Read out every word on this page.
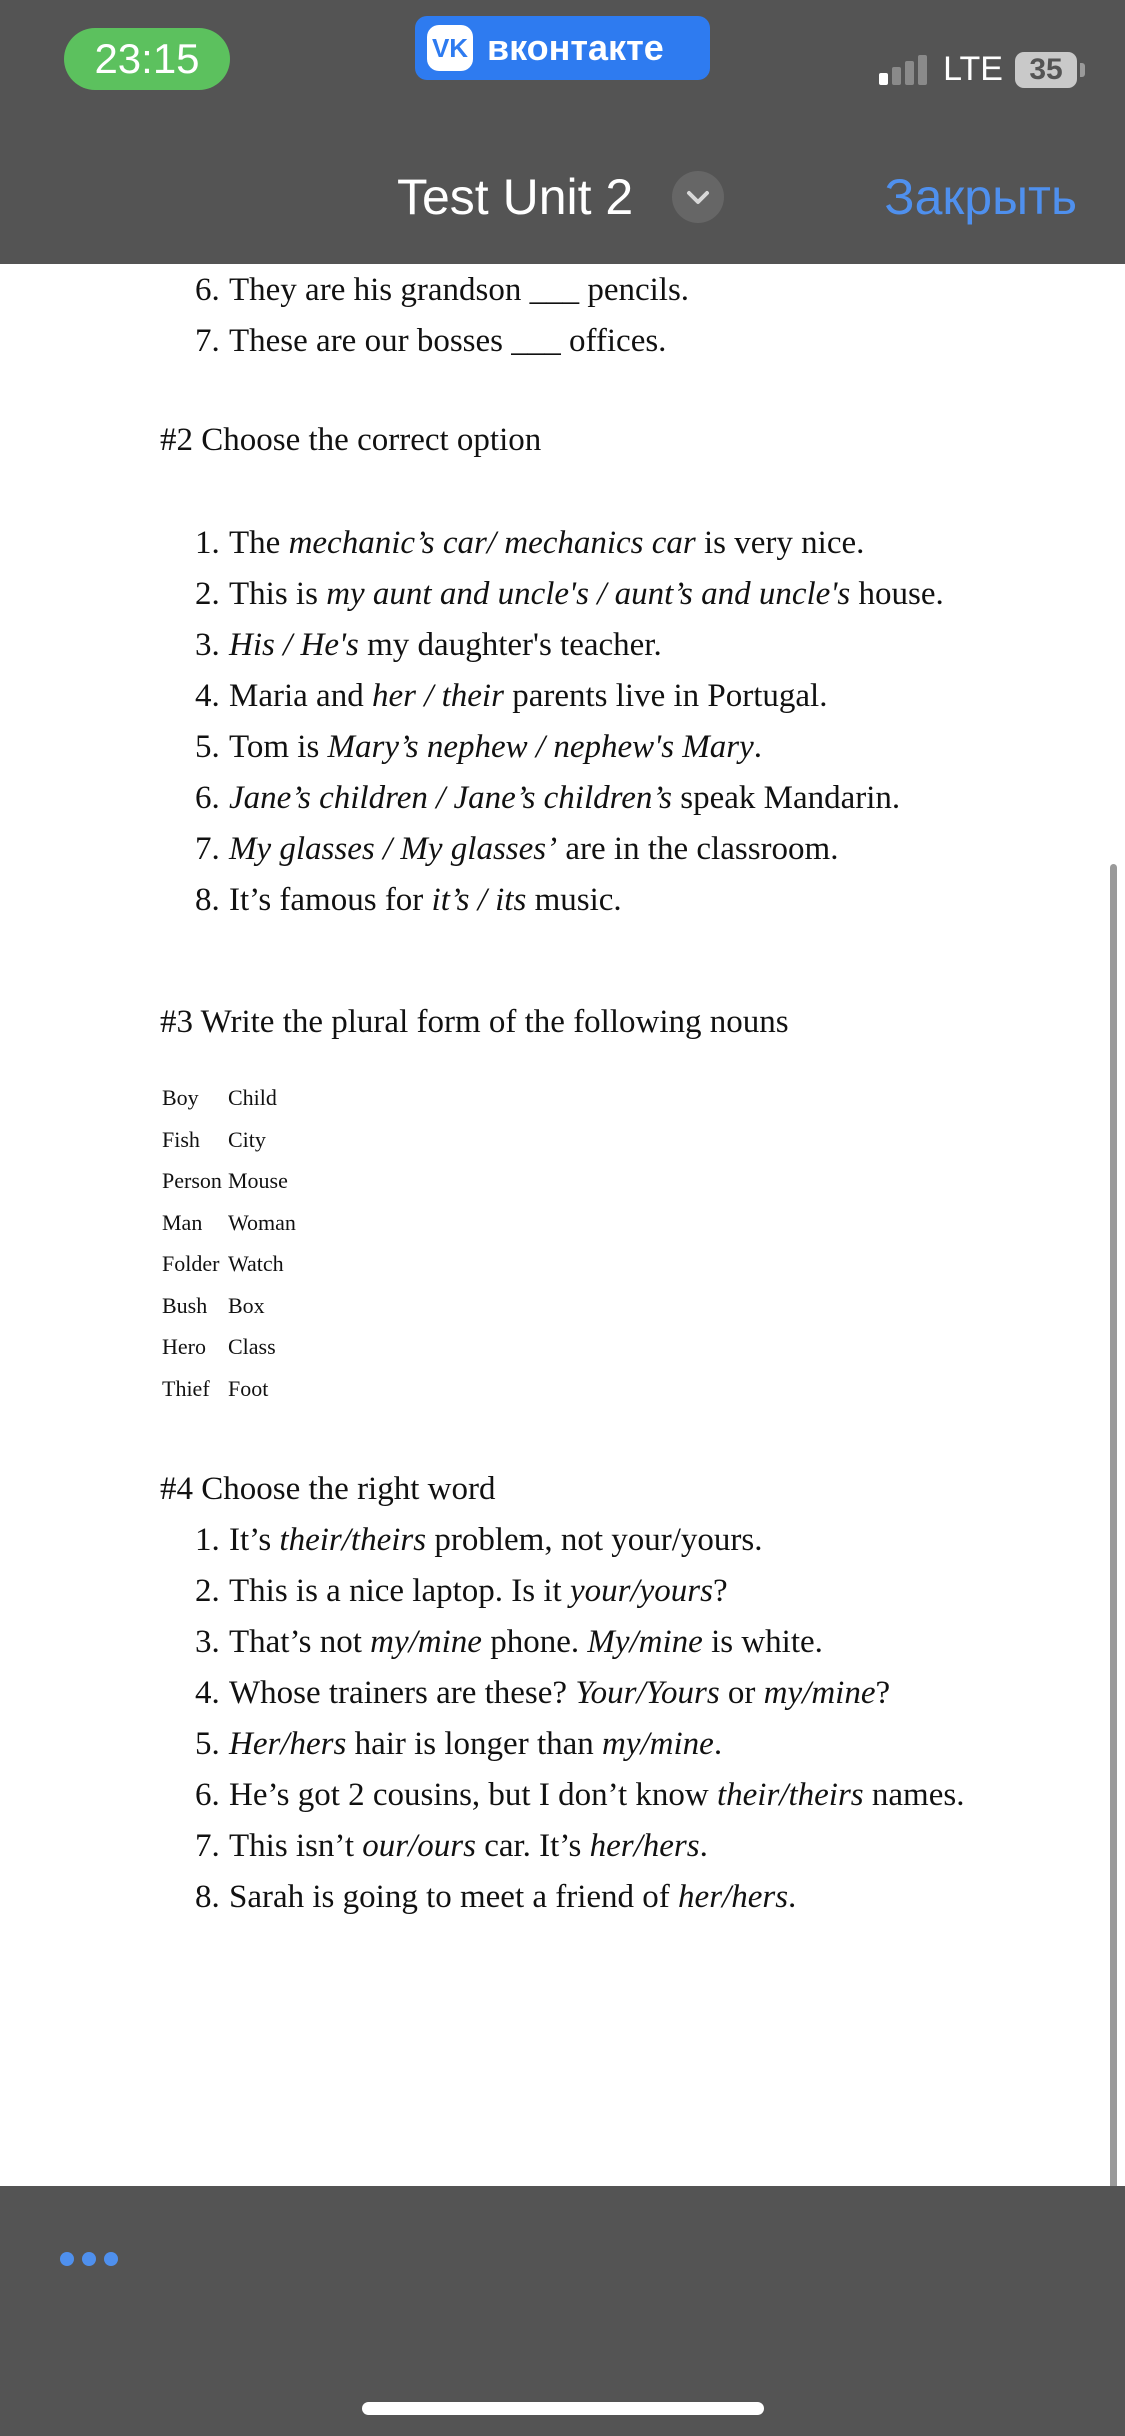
23:15	VK вконтакте
LTE 35
Test Unit 2	Закрыть
6. They are his grandson ___ pencils.
7. These are our bosses ___ offices.
#2 Choose the correct option
1. The mechanic’s car/ mechanics car is very nice.
2. This is my aunt and uncle's / aunt’s and uncle's house.
3. His / He's my daughter's teacher.
4. Maria and her / their parents live in Portugal.
5. Tom is Mary’s nephew / nephew's Mary.
6. Jane’s children / Jane’s children’s speak Mandarin.
7. My glasses / My glasses’ are in the classroom.
8. It’s famous for it’s / its music.
#3 Write the plural form of the following nouns
Boy Child
Fish City
Person Mouse
Man Woman
Folder Watch
Bush Box
Hero Class
Thief Foot
#4 Choose the right word
1. It’s their/theirs problem, not your/yours.
2. This is a nice laptop. Is it your/yours?
3. That’s not my/mine phone. My/mine is white.
4. Whose trainers are these? Your/Yours or my/mine?
5. Her/hers hair is longer than my/mine.
6. He’s got 2 cousins, but I don’t know their/theirs names.
7. This isn’t our/ours car. It’s her/hers.
8. Sarah is going to meet a friend of her/hers.
